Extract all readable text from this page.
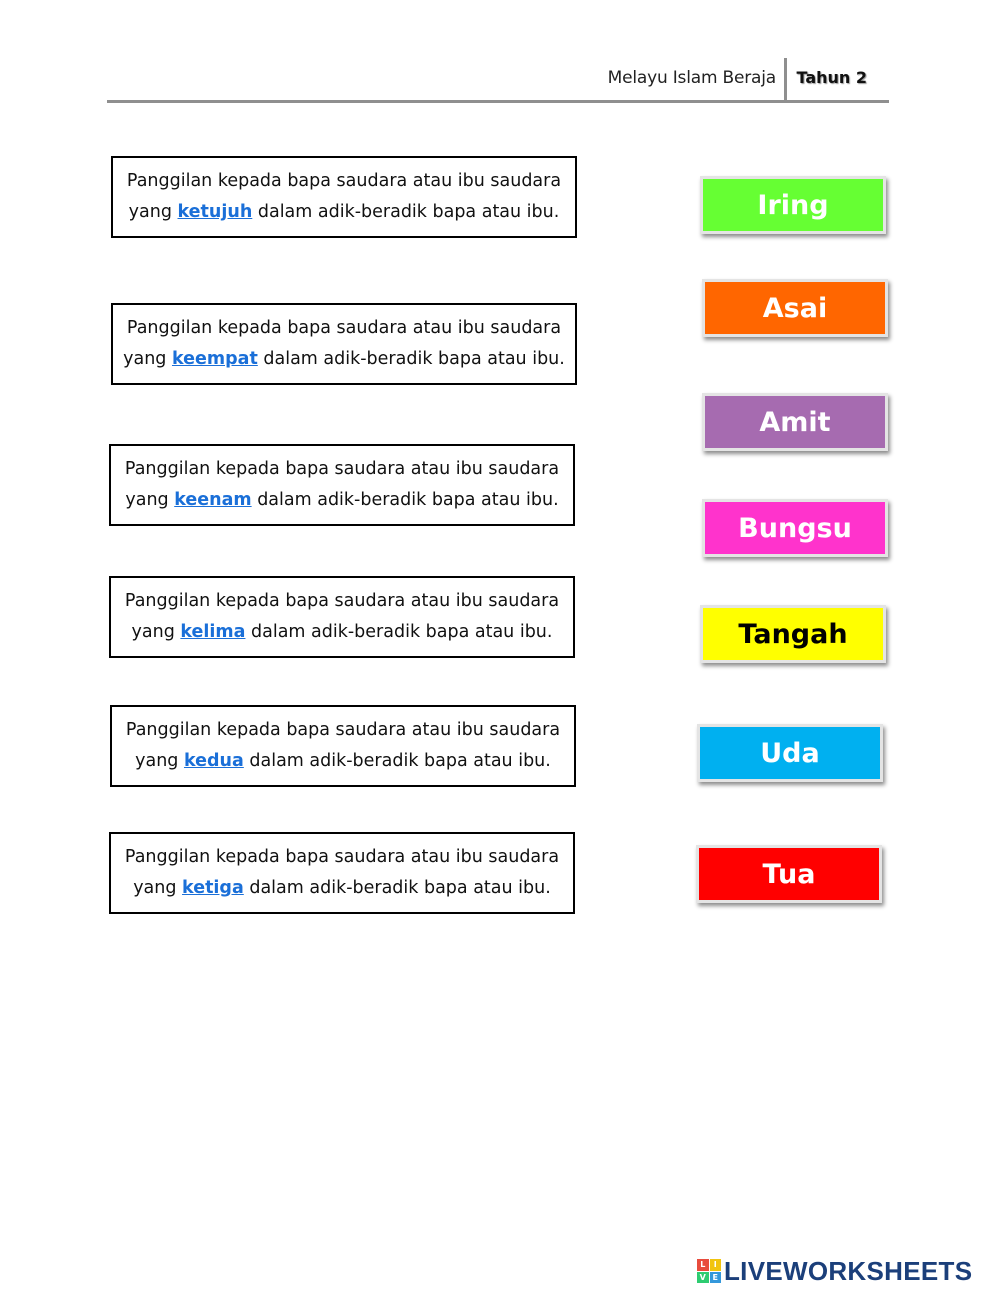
Melayu Islam Beraja Tahun 2
Panggilan kepada bapa saudara atau ibu saudara
yang ketujuh dalam adik-beradik bapa atau ibu.
Panggilan kepada bapa saudara atau ibu saudara
yang keempat dalam adik-beradik bapa atau ibu.
Panggilan kepada bapa saudara atau ibu saudara
yang keenam dalam adik-beradik bapa atau ibu.
Panggilan kepada bapa saudara atau ibu saudara
yang kelima dalam adik-beradik bapa atau ibu.
Panggilan kepada bapa saudara atau ibu saudara
yang kedua dalam adik-beradik bapa atau ibu.
Panggilan kepada bapa saudara atau ibu saudara
yang ketiga dalam adik-beradik bapa atau ibu.
Iring
Asai
Amit
Bungsu
Tangah
Uda
Tua
L	I
V E LIVEWORKSHEETS
